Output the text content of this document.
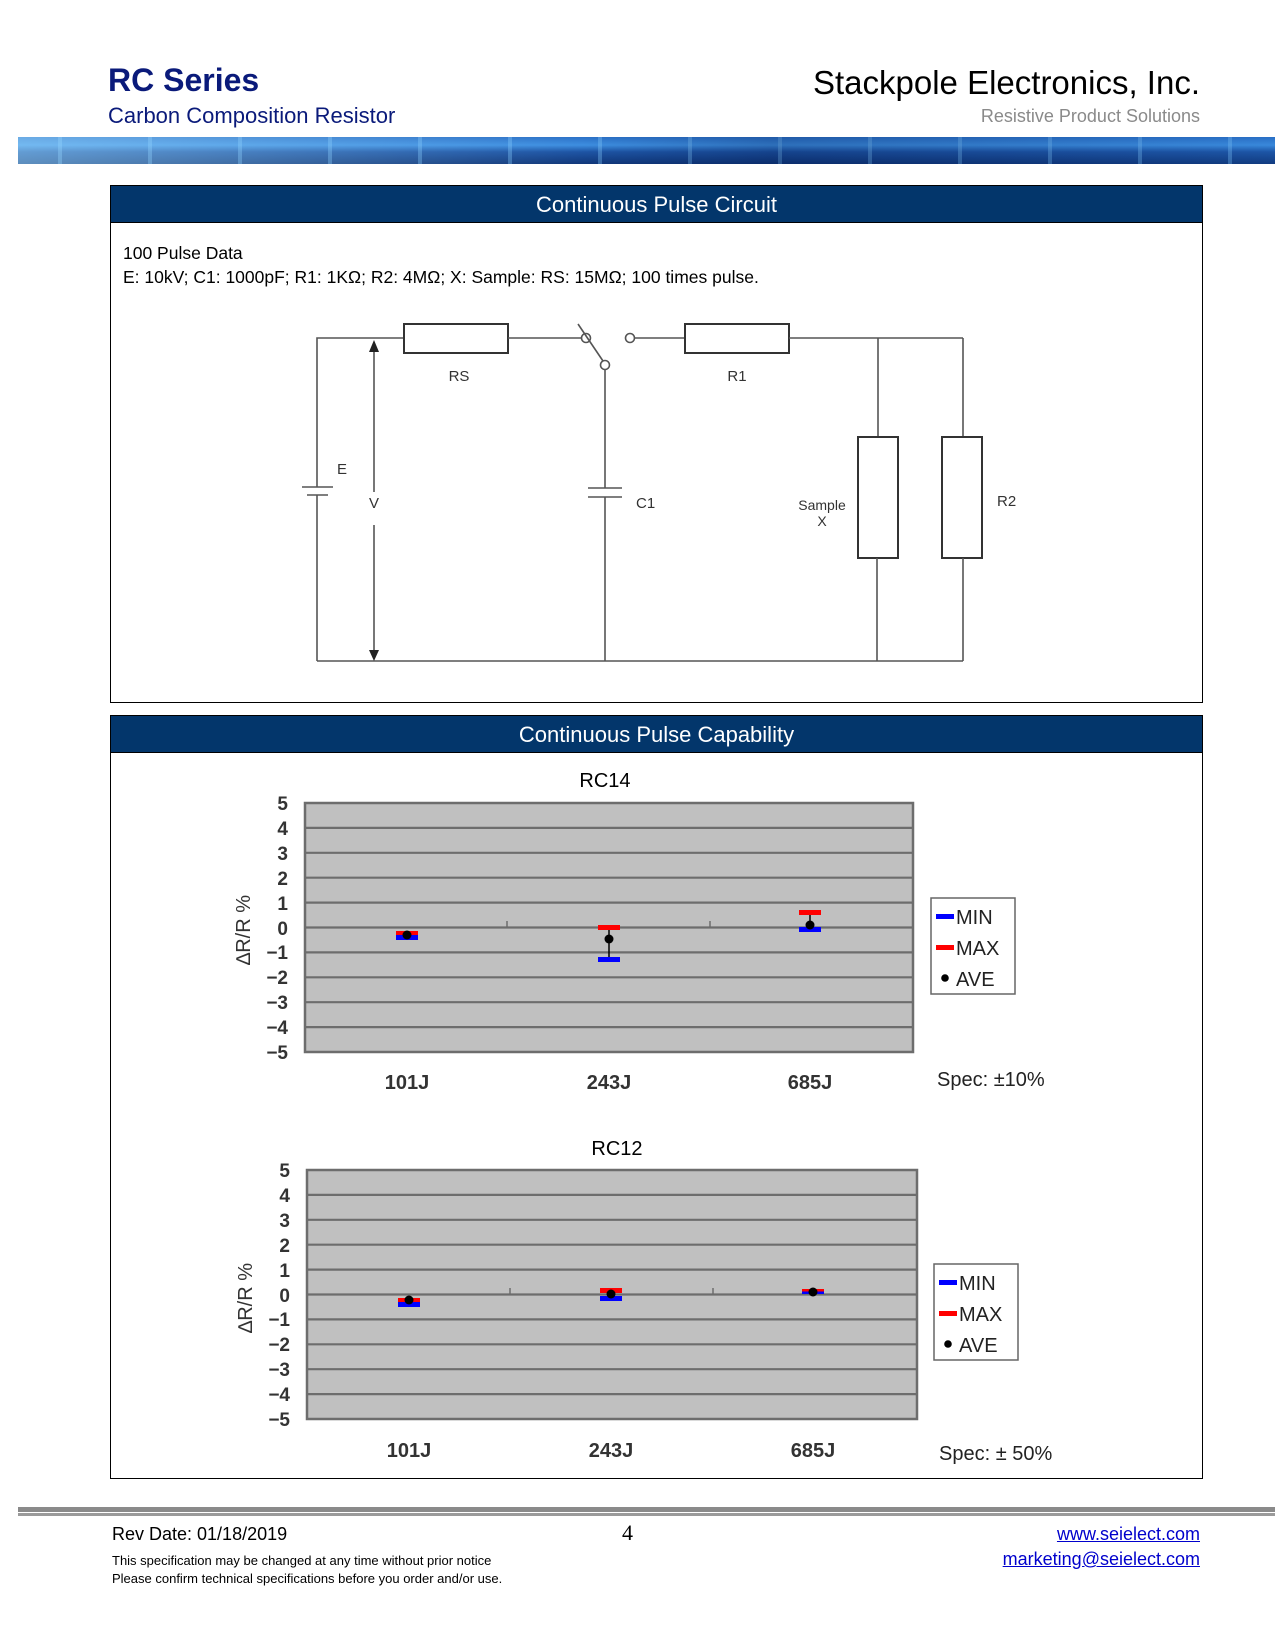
RC Series
Carbon Composition Resistor
Stackpole Electronics, Inc.
Resistive Product Solutions
Continuous Pulse Circuit
100 Pulse Data
E: 10kV; C1: 1000pF; R1: 1KΩ; R2: 4MΩ; X: Sample: RS: 15MΩ; 100 times pulse.
RS	R1
E
V	C1	Sample
X
R2
Continuous Pulse Capability
RC14
5
4
3
2
1
0
−1
−2
−3
−4
−5
∆R/R %
101J	243J	685J
MIN
MAX
AVE
Spec: ±10%
RC12
5
4
3
2
1
0
−1
−2
−3
−4
−5
∆R/R %
101J	243J	685J
MIN
MAX
AVE
Spec: ± 50%
Rev Date: 01/18/2019	4
This specification may be changed at any time without prior notice
Please confirm technical specifications before you order and/or use.
www.seielect.com
marketing@seielect.com
